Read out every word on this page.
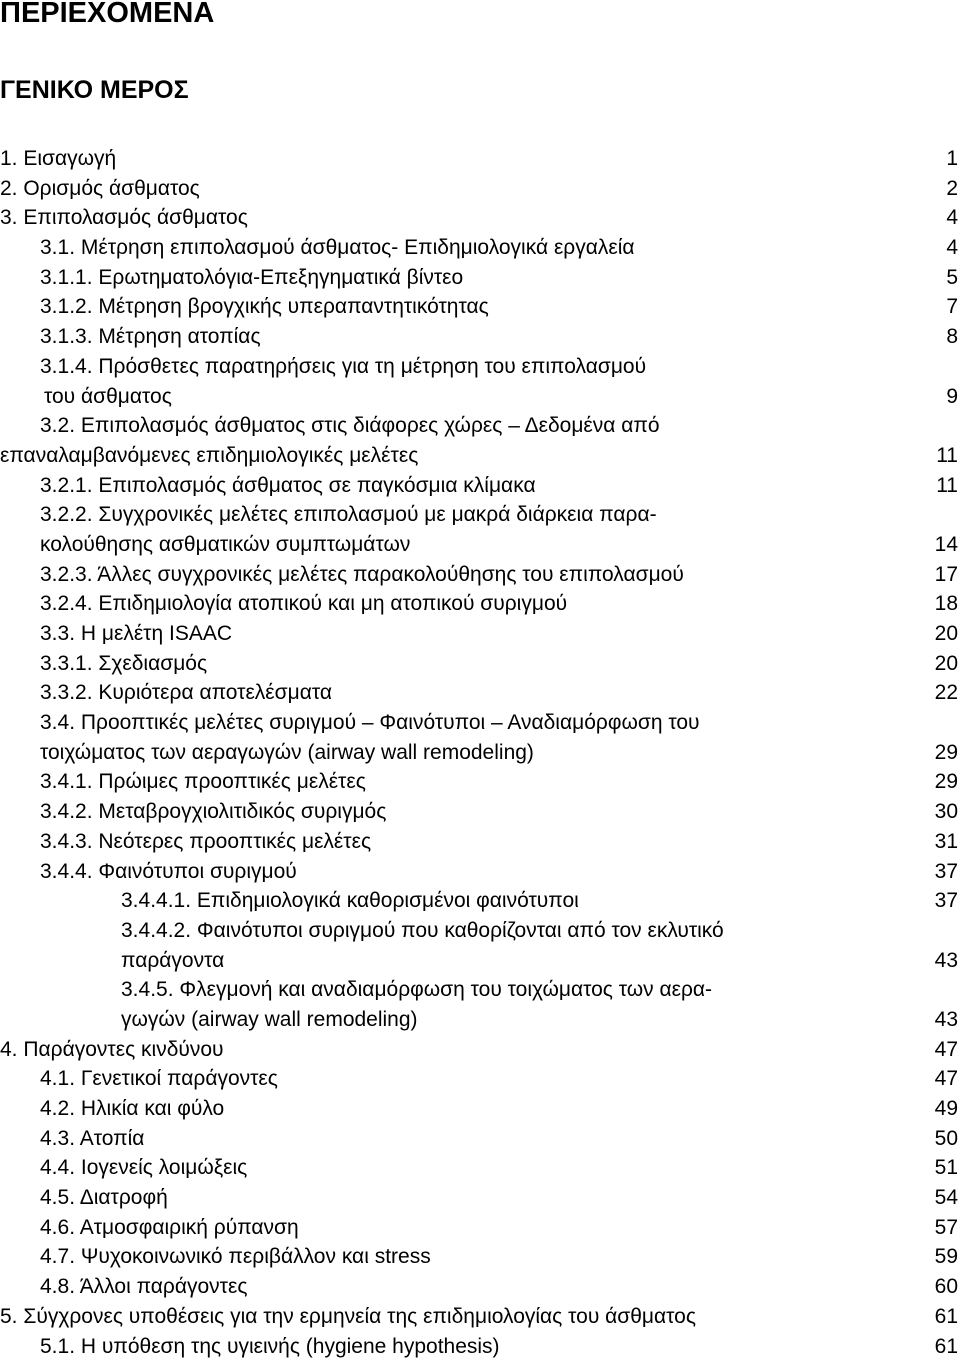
ΠΕΡΙΕΧΟΜΕΝΑ
ΓΕΝΙΚΟ ΜΕΡΟΣ
1. Εισαγωγή	1
2. Ορισμός άσθματος	2
3. Επιπολασμός άσθματος	4
3.1. Μέτρηση επιπολασμού άσθματος- Επιδημιολογικά εργαλεία	4
3.1.1. Ερωτηματολόγια-Επεξηγηματικά βίντεο	5
3.1.2. Μέτρηση βρογχικής υπεραπαντητικότητας	7
3.1.3. Μέτρηση ατοπίας	8
3.1.4. Πρόσθετες παρατηρήσεις για τη μέτρηση του επιπολασμού
του άσθματος	9
3.2. Επιπολασμός άσθματος στις διάφορες χώρες – Δεδομένα από
επαναλαμβανόμενες επιδημιολογικές μελέτες	11
3.2.1. Επιπολασμός άσθματος σε παγκόσμια κλίμακα	11
3.2.2. Συγχρονικές μελέτες επιπολασμού με μακρά διάρκεια παρα-
κολούθησης ασθματικών συμπτωμάτων	14
3.2.3. Άλλες συγχρονικές μελέτες παρακολούθησης του επιπολασμού	17
3.2.4. Επιδημιολογία ατοπικού και μη ατοπικού συριγμού	18
3.3. Η μελέτη ISAAC	20
3.3.1. Σχεδιασμός	20
3.3.2. Κυριότερα αποτελέσματα	22
3.4. Προοπτικές μελέτες συριγμού – Φαινότυποι – Αναδιαμόρφωση του
τοιχώματος των αεραγωγών (airway wall remodeling)	29
3.4.1. Πρώιμες προοπτικές μελέτες	29
3.4.2. Μεταβρογχιολιτιδικός συριγμός	30
3.4.3. Νεότερες προοπτικές μελέτες	31
3.4.4. Φαινότυποι συριγμού	37
3.4.4.1. Επιδημιολογικά καθορισμένοι φαινότυποι	37
3.4.4.2. Φαινότυποι συριγμού που καθορίζονται από τον εκλυτικό
παράγοντα	43
3.4.5. Φλεγμονή και αναδιαμόρφωση του τοιχώματος των αερα-
γωγών (airway wall remodeling)	43
4. Παράγοντες κινδύνου	47
4.1. Γενετικοί παράγοντες	47
4.2. Ηλικία και φύλο	49
4.3. Ατοπία	50
4.4. Ιογενείς λοιμώξεις	51
4.5. Διατροφή	54
4.6. Ατμοσφαιρική ρύπανση	57
4.7. Ψυχοκοινωνικό περιβάλλον και stress	59
4.8. Άλλοι παράγοντες	60
5. Σύγχρονες υποθέσεις για την ερμηνεία της επιδημιολογίας του άσθματος	61
5.1. Η υπόθεση της υγιεινής (hygiene hypothesis)	61
